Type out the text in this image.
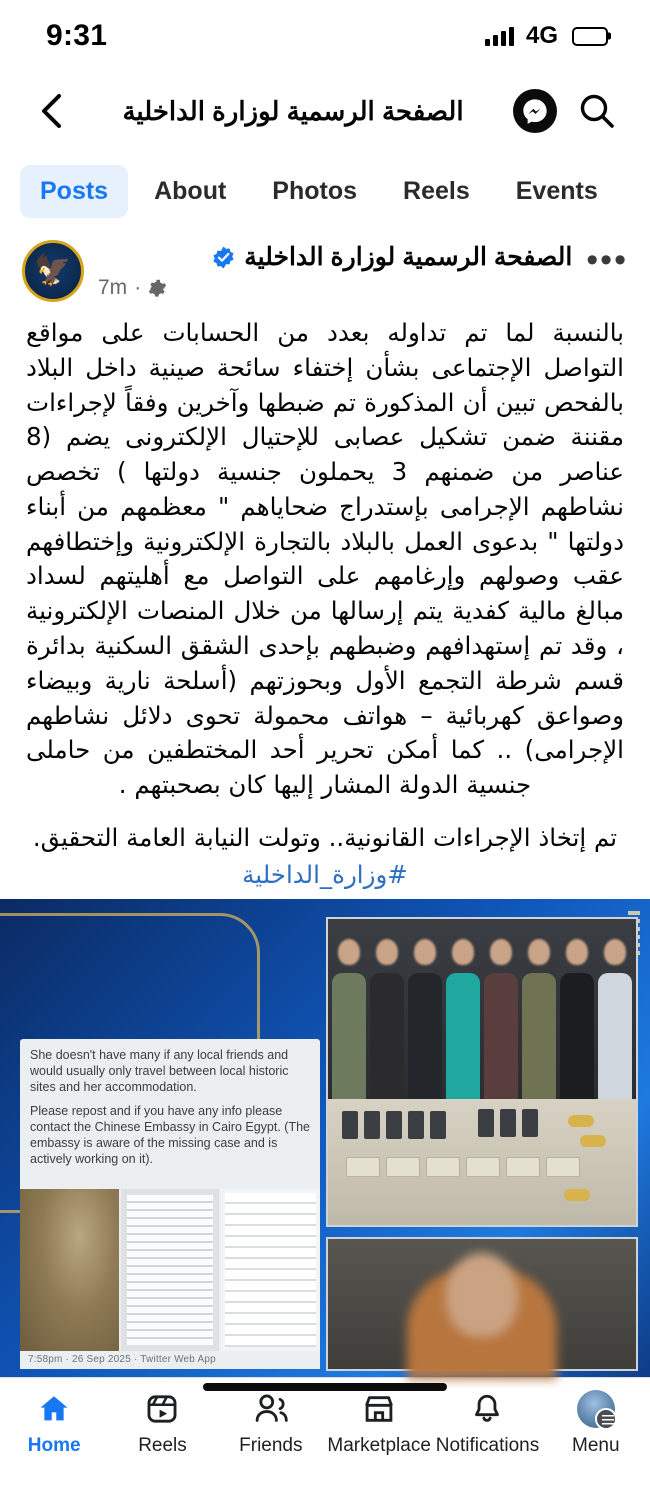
9:31	4G
الصفحة الرسمية لوزارة الداخلية
Posts	About	Photos	Reels	Events
🦅	الصفحة الرسمية لوزارة الداخلية
7m ·
•••

بالنسبة لما تم تداوله بعدد من الحسابات على مواقع التواصل الإجتماعى بشأن إختفاء سائحة صينية داخل البلاد بالفحص تبين أن المذكورة تم ضبطها وآخرين وفقاً لإجراءات مقننة ضمن تشكيل عصابى للإحتيال الإلكترونى يضم (8 عناصر من ضمنهم 3 يحملون جنسية دولتها ) تخصص نشاطهم الإجرامى بإستدراج ضحاياهم " معظمهم من أبناء دولتها " بدعوى العمل بالبلاد بالتجارة الإلكترونية وإختطافهم عقب وصولهم وإرغامهم على التواصل مع أهليتهم لسداد مبالغ مالية كفدية يتم إرسالها من خلال المنصات الإلكترونية ، وقد تم إستهدافهم وضبطهم بإحدى الشقق السكنية بدائرة قسم شرطة التجمع الأول وبحوزتهم (أسلحة نارية وبيضاء وصواعق كهربائية – هواتف محمولة تحوى دلائل نشاطهم الإجرامى) .. كما أمكن تحرير أحد المختطفين من حاملى جنسية الدولة المشار إليها كان بصحبتهم .

تم إتخاذ الإجراءات القانونية.. وتولت النيابة العامة التحقيق.

#وزارة_الداخلية

She doesn't have many if any local friends and would usually only travel between local historic sites and her accommodation.

Please repost and if you have any info please contact the Chinese Embassy in Cairo Egypt. (The embassy is aware of the missing case and is actively working on it).

7:58pm · 26 Sep 2025 · Twitter Web App
Home	Reels	Friends Marketplace Notifications Menu
